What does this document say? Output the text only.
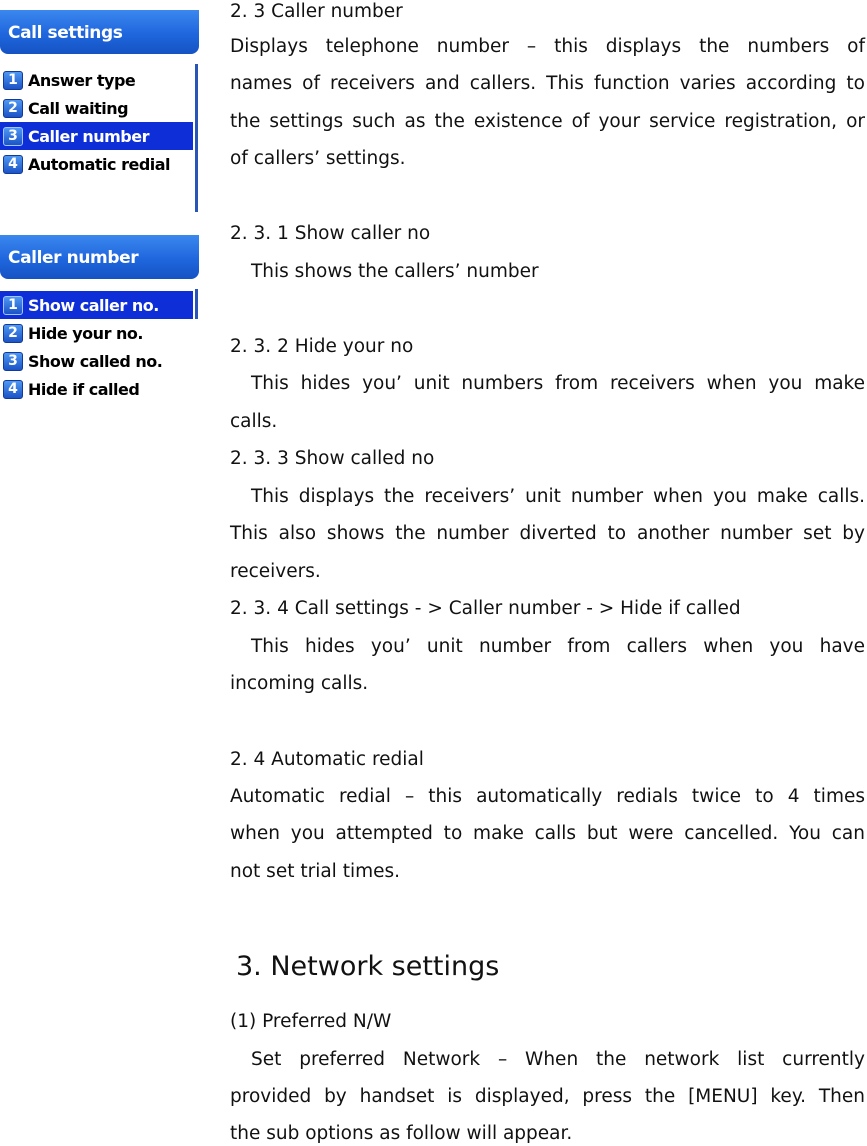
Call settings
1 Answer type
2 Call waiting
3 Caller number
4 Automatic redial
Caller number
1 Show caller no.
2 Hide your no.
3 Show called no.
4 Hide if called
2. 3 Caller number
Displays telephone number – this displays the numbers of
names of receivers and callers. This function varies according to
the settings such as the existence of your service registration, or
of callers’ settings.
2. 3. 1 Show caller no
This shows the callers’ number
2. 3. 2 Hide your no
This hides you’ unit numbers from receivers when you make
calls.
2. 3. 3 Show called no
This displays the receivers’ unit number when you make calls.
This also shows the number diverted to another number set by
receivers.
2. 3. 4 Call settings - > Caller number - > Hide if called
This hides you’ unit number from callers when you have
incoming calls.
2. 4 Automatic redial
Automatic redial – this automatically redials twice to 4 times
when you attempted to make calls but were cancelled. You can
not set trial times.
3. Network settings
(1) Preferred N/W
Set preferred Network – When the network list currently
provided by handset is displayed, press the [MENU] key. Then
the sub options as follow will appear.
